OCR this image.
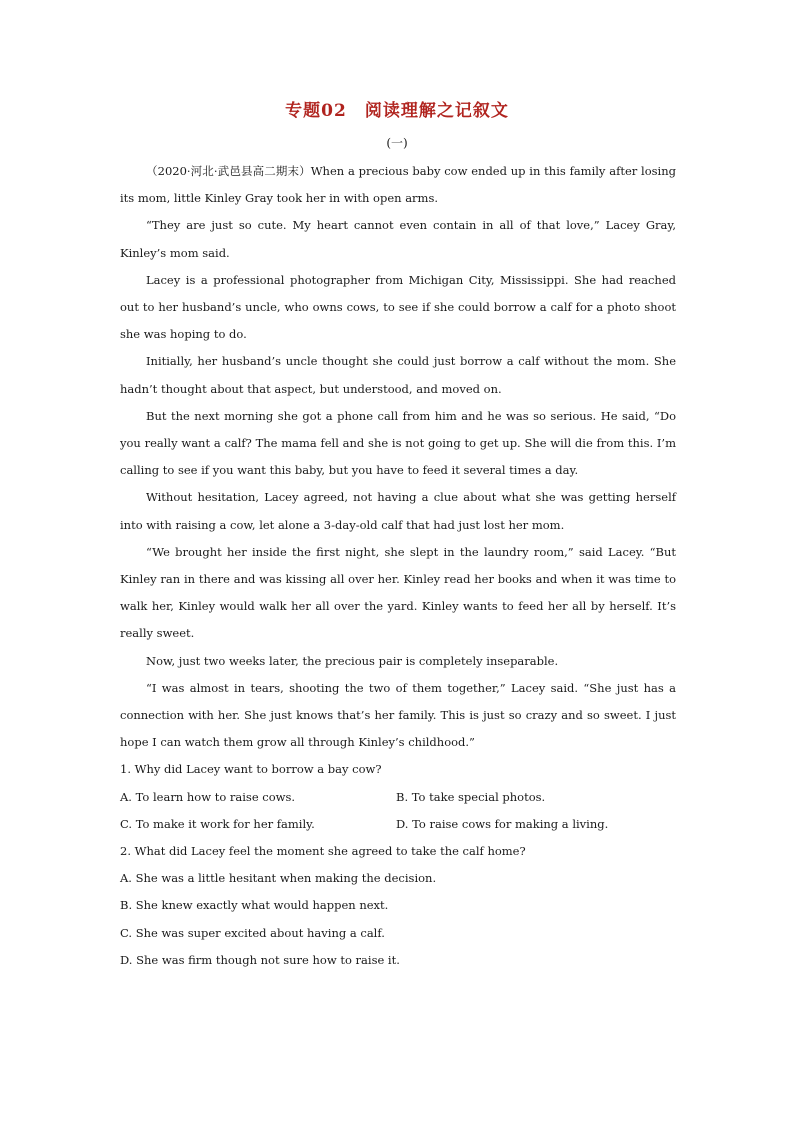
专题02　阅读理解之记叙文
(一)

（2020·河北·武邑县高二期末）When a precious baby cow ended up in this family after losing its mom, little Kinley Gray took her in with open arms.

“They are just so cute. My heart cannot even contain in all of that love,” Lacey Gray, Kinley’s mom said.

Lacey is a professional photographer from Michigan City, Mississippi. She had reached out to her husband’s uncle, who owns cows, to see if she could borrow a calf for a photo shoot she was hoping to do.

Initially, her husband’s uncle thought she could just borrow a calf without the mom. She hadn’t thought about that aspect, but understood, and moved on.

But the next morning she got a phone call from him and he was so serious. He said, “Do you really want a calf? The mama fell and she is not going to get up. She will die from this. I’m calling to see if you want this baby, but you have to feed it several times a day.

Without hesitation, Lacey agreed, not having a clue about what she was getting herself into with raising a cow, let alone a 3-day-old calf that had just lost her mom.

“We brought her inside the first night, she slept in the laundry room,” said Lacey. “But Kinley ran in there and was kissing all over her. Kinley read her books and when it was time to walk her, Kinley would walk her all over the yard. Kinley wants to feed her all by herself. It’s really sweet.

Now, just two weeks later, the precious pair is completely inseparable.

“I was almost in tears, shooting the two of them together,” Lacey said. “She just has a connection with her. She just knows that’s her family. This is just so crazy and so sweet. I just hope I can watch them grow all through Kinley’s childhood.”

1. Why did Lacey want to borrow a bay cow?

A. To learn how to raise cows.	B. To take special photos.
C. To make it work for her family.	D. To raise cows for making a living.

2. What did Lacey feel the moment she agreed to take the calf home?

A. She was a little hesitant when making the decision.

B. She knew exactly what would happen next.

C. She was super excited about having a calf.

D. She was firm though not sure how to raise it.
